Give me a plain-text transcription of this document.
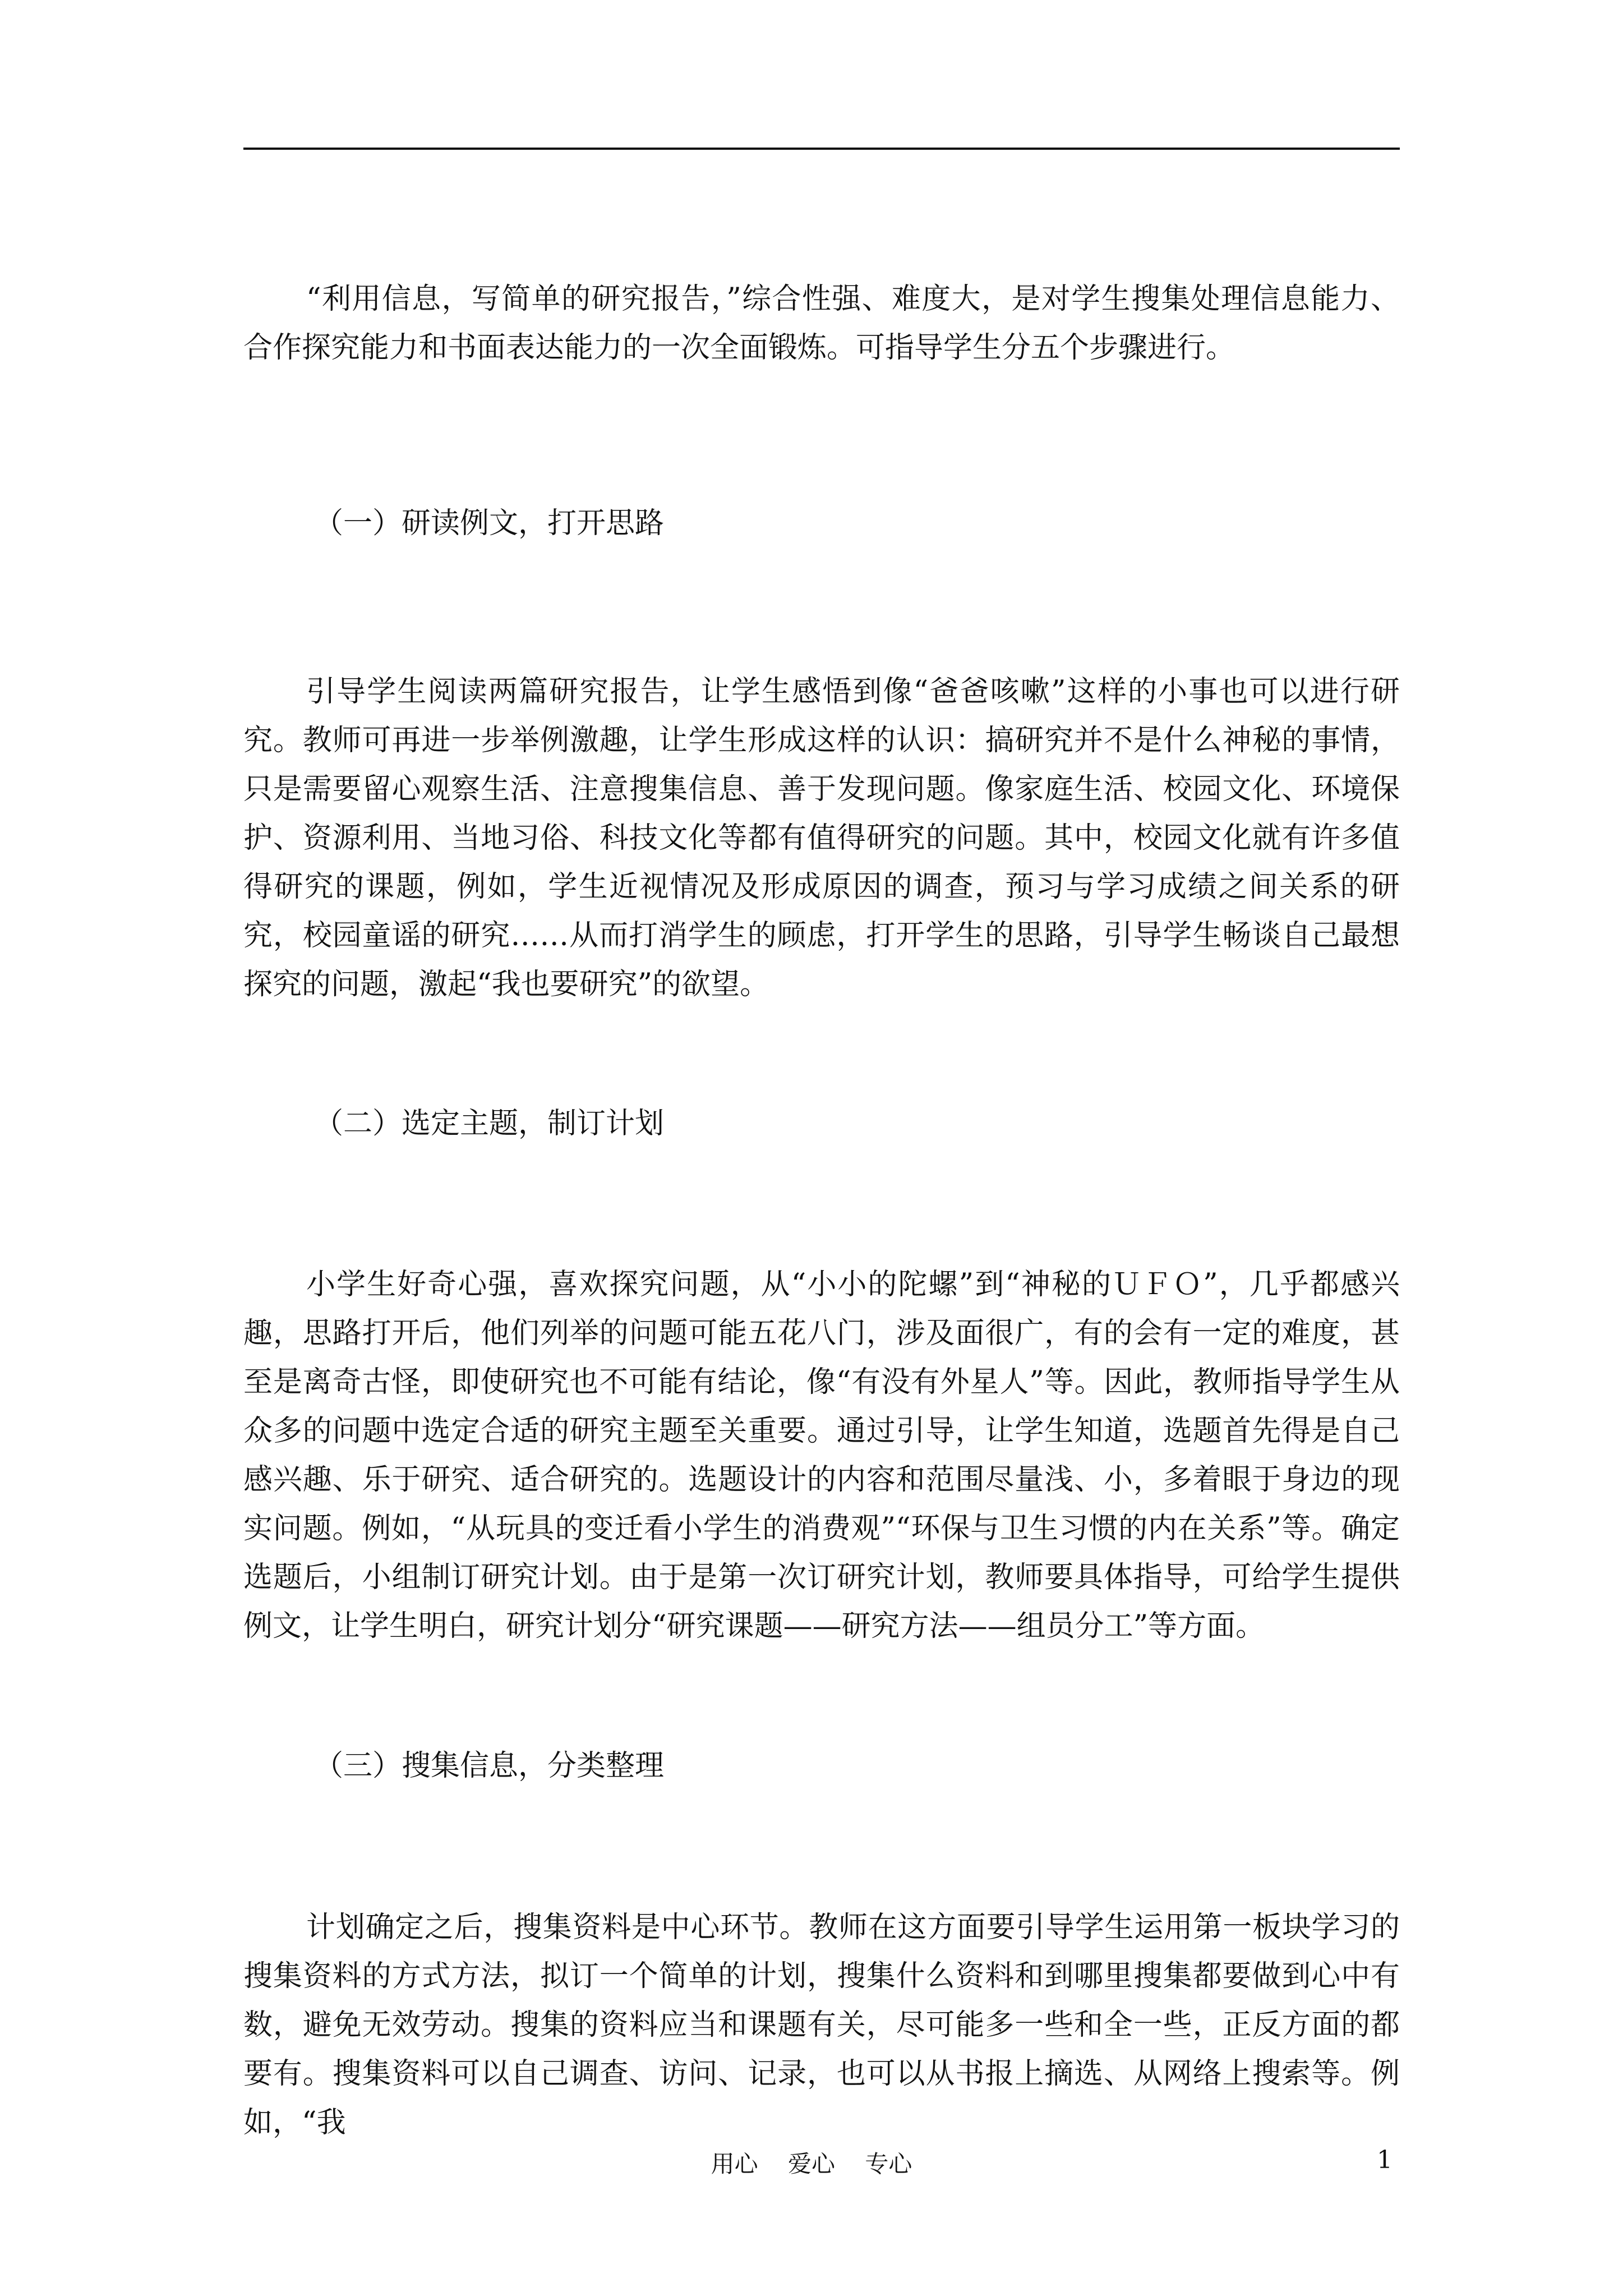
“利用信息，写简单的研究报告，”综合性强、难度大，是对学生搜集处理信息能力、合作探究能力和书面表达能力的一次全面锻炼。可指导学生分五个步骤进行。

（一）研读例文，打开思路

引导学生阅读两篇研究报告，让学生感悟到像“爸爸咳嗽”这样的小事也可以进行研究。教师可再进一步举例激趣，让学生形成这样的认识：搞研究并不是什么神秘的事情，只是需要留心观察生活、注意搜集信息、善于发现问题。像家庭生活、校园文化、环境保护、资源利用、当地习俗、科技文化等都有值得研究的问题。其中，校园文化就有许多值得研究的课题，例如，学生近视情况及形成原因的调查，预习与学习成绩之间关系的研究，校园童谣的研究……从而打消学生的顾虑，打开学生的思路，引导学生畅谈自己最想探究的问题，激起“我也要研究”的欲望。

（二）选定主题，制订计划

小学生好奇心强，喜欢探究问题，从“小小的陀螺”到“神秘的ＵＦＯ”，几乎都感兴趣，思路打开后，他们列举的问题可能五花八门，涉及面很广，有的会有一定的难度，甚至是离奇古怪，即使研究也不可能有结论，像“有没有外星人”等。因此，教师指导学生从众多的问题中选定合适的研究主题至关重要。通过引导，让学生知道，选题首先得是自己感兴趣、乐于研究、适合研究的。选题设计的内容和范围尽量浅、小，多着眼于身边的现实问题。例如，“从玩具的变迁看小学生的消费观”“环保与卫生习惯的内在关系”等。确定选题后，小组制订研究计划。由于是第一次订研究计划，教师要具体指导，可给学生提供例文，让学生明白，研究计划分“研究课题——研究方法——组员分工”等方面。

（三）搜集信息，分类整理

计划确定之后，搜集资料是中心环节。教师在这方面要引导学生运用第一板块学习的搜集资料的方式方法，拟订一个简单的计划，搜集什么资料和到哪里搜集都要做到心中有数，避免无效劳动。搜集的资料应当和课题有关，尽可能多一些和全一些，正反方面的都要有。搜集资料可以自己调查、访问、记录，也可以从书报上摘选、从网络上搜索等。例如，“我

用心 爱心 专心	1
